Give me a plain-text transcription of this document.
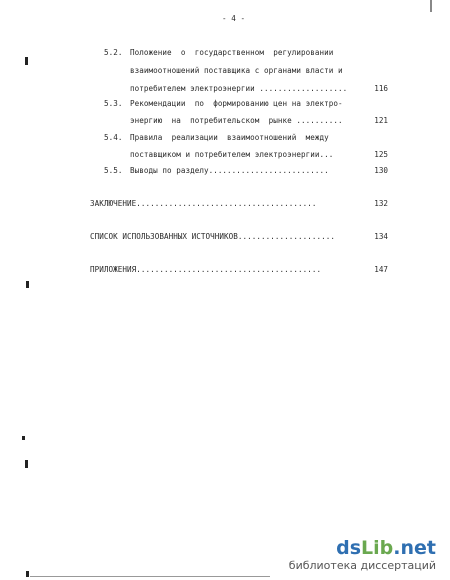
- 4 -
5.2. Положение  о  государственном  регулировании
взаимоотношений поставщика с органами власти и
потребителем электроэнергии ...................	116
5.3. Рекомендации  по  формированию цен на электро-
энергию  на  потребительском  рынке ..........	121
5.4. Правила  реализации  взаимоотношений  между
поставщиком и потребителем электроэнергии...	125
5.5. Выводы по разделу..........................	130
ЗАКЛЮЧЕНИЕ.......................................	132
СПИСОК ИСПОЛЬЗОВАННЫХ ИСТОЧНИКОВ.....................	134
ПРИЛОЖЕНИЯ........................................	147
dsLib.net
библиотека диссертаций
